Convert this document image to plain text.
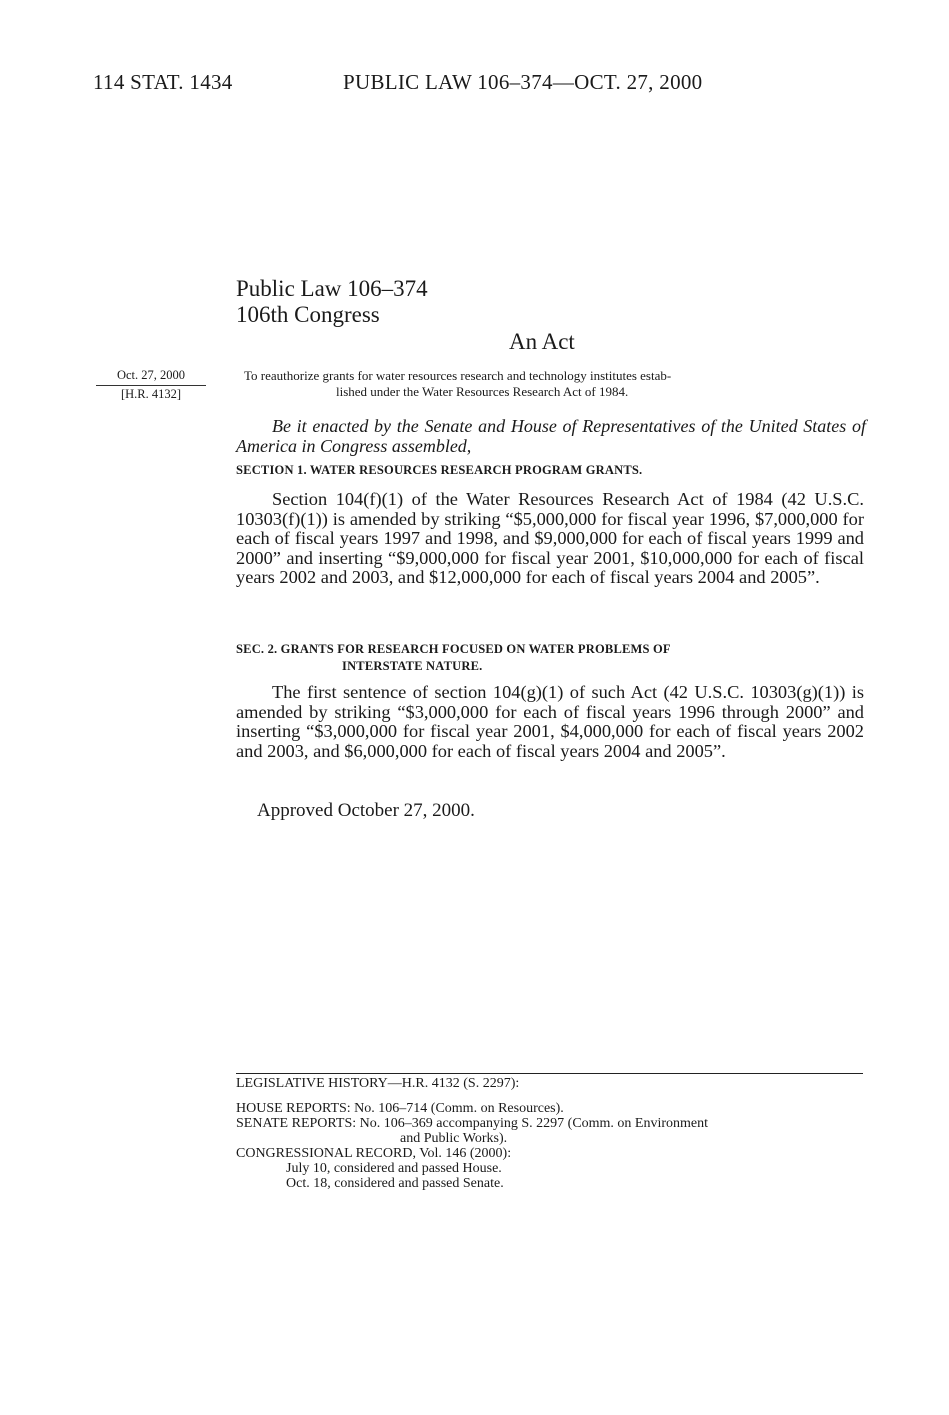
114 STAT. 1434	PUBLIC LAW 106–374—OCT. 27, 2000
Public Law 106–374
106th Congress
An Act
Oct. 27, 2000
[H.R. 4132]
To reauthorize grants for water resources research and technology institutes estab-
lished under the Water Resources Research Act of 1984.
Be it enacted by the Senate and House of Representatives of the United States of America in Congress assembled,
SECTION 1. WATER RESOURCES RESEARCH PROGRAM GRANTS.
Section 104(f)(1) of the Water Resources Research Act of 1984 (42 U.S.C. 10303(f)(1)) is amended by striking “$5,000,000 for fiscal year 1996, $7,000,000 for each of fiscal years 1997 and 1998, and $9,000,000 for each of fiscal years 1999 and 2000” and inserting “$9,000,000 for fiscal year 2001, $10,000,000 for each of fiscal years 2002 and 2003, and $12,000,000 for each of fiscal years 2004 and 2005”.
SEC. 2. GRANTS FOR RESEARCH FOCUSED ON WATER PROBLEMS OF
INTERSTATE NATURE.
The first sentence of section 104(g)(1) of such Act (42 U.S.C. 10303(g)(1)) is amended by striking “$3,000,000 for each of fiscal years 1996 through 2000” and inserting “$3,000,000 for fiscal year 2001, $4,000,000 for each of fiscal years 2002 and 2003, and $6,000,000 for each of fiscal years 2004 and 2005”.
Approved October 27, 2000.
LEGISLATIVE HISTORY—H.R. 4132 (S. 2297):
HOUSE REPORTS: No. 106–714 (Comm. on Resources).
SENATE REPORTS: No. 106–369 accompanying S. 2297 (Comm. on Environment
and Public Works).
CONGRESSIONAL RECORD, Vol. 146 (2000):
July 10, considered and passed House.
Oct. 18, considered and passed Senate.
